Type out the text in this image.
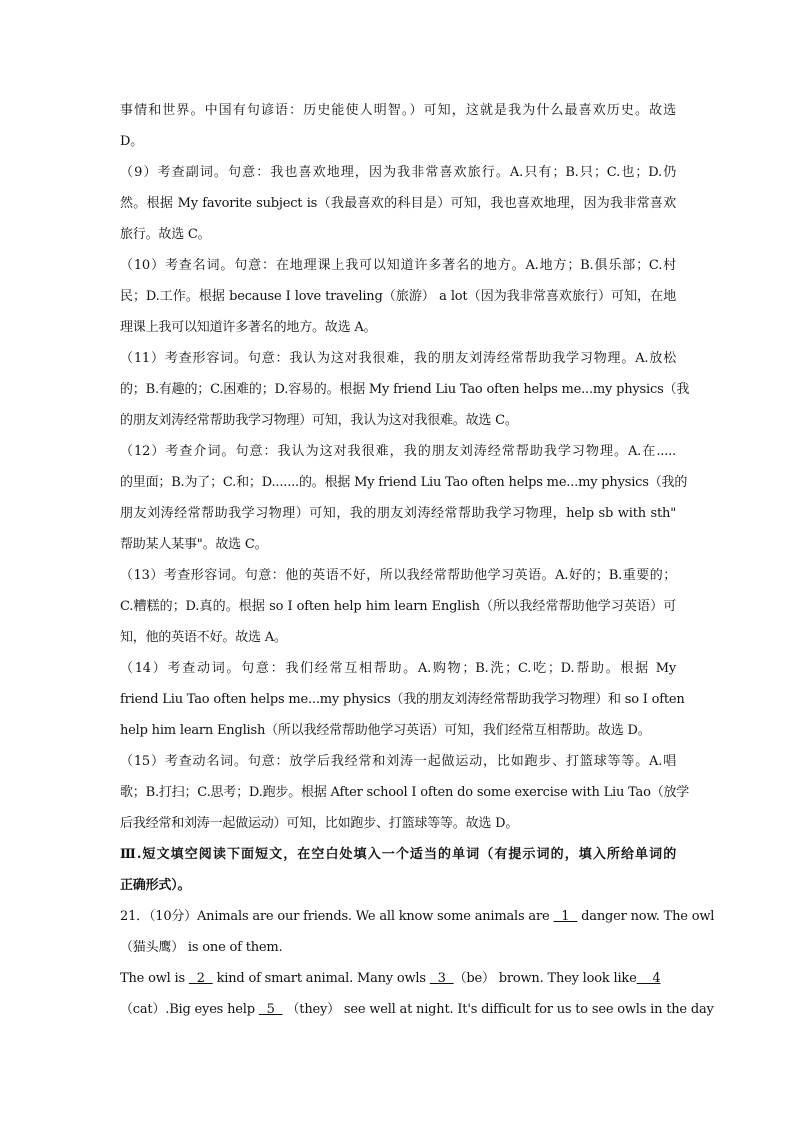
事情和世界。中国有句谚语：历史能使人明智。）可知，这就是我为什么最喜欢历史。故选
D。
（9）考查副词。句意：我也喜欢地理，因为我非常喜欢旅行。A.只有；B.只；C.也；D.仍
然。根据 My favorite subject is（我最喜欢的科目是）可知，我也喜欢地理，因为我非常喜欢
旅行。故选 C。
（10）考查名词。句意：在地理课上我可以知道许多著名的地方。A.地方；B.俱乐部；C.村
民；D.工作。根据 because I love traveling（旅游） a lot（因为我非常喜欢旅行）可知，在地
理课上我可以知道许多著名的地方。故选 A。
（11）考查形容词。句意：我认为这对我很难，我的朋友刘涛经常帮助我学习物理。A.放松
的；B.有趣的；C.困难的；D.容易的。根据 My friend Liu Tao often helps me...my physics（我
的朋友刘涛经常帮助我学习物理）可知，我认为这对我很难。故选 C。
（12）考查介词。句意：我认为这对我很难，我的朋友刘涛经常帮助我学习物理。A.在.....
的里面；B.为了；C.和；D.......的。根据 My friend Liu Tao often helps me...my physics（我的
朋友刘涛经常帮助我学习物理）可知，我的朋友刘涛经常帮助我学习物理，help sb with sth"
帮助某人某事"。故选 C。
（13）考查形容词。句意：他的英语不好，所以我经常帮助他学习英语。A.好的；B.重要的；
C.糟糕的；D.真的。根据 so I often help him learn English（所以我经常帮助他学习英语）可
知，他的英语不好。故选 A。
（14）考查动词。句意：我们经常互相帮助。A.购物；B.洗；C.吃；D.帮助。根据 My
friend Liu Tao often helps me...my physics（我的朋友刘涛经常帮助我学习物理）和 so I often
help him learn English（所以我经常帮助他学习英语）可知，我们经常互相帮助。故选 D。
（15）考查动名词。句意：放学后我经常和刘涛一起做运动，比如跑步、打篮球等等。A.唱
歌；B.打扫；C.思考；D.跑步。根据 After school I often do some exercise with Liu Tao（放学
后我经常和刘涛一起做运动）可知，比如跑步、打篮球等等。故选 D。
Ⅲ.短文填空阅读下面短文，在空白处填入一个适当的单词（有提示词的，填入所给单词的
正确形式）。
21．（10分）Animals are our friends. We all know some animals are   1   danger now. The owl
（猫头鹰） is one of them.
The owl is   2   kind of smart animal. Many owls   3  （be） brown. They look like    4
（cat）.Big eyes help   5   （they） see well at night. It's difficult for us to see owls in the day
